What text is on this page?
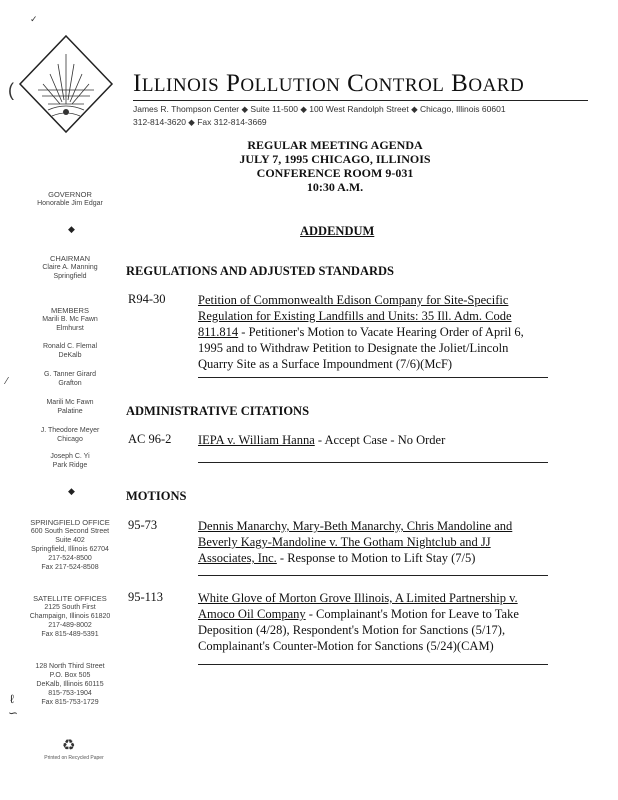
(
✓
ILLINOIS POLLUTION CONTROL BOARD
James R. Thompson Center ◆ Suite 11-500 ◆ 100 West Randolph Street ◆ Chicago, Illinois 60601
312-814-3620 ◆ Fax 312-814-3669
REGULAR MEETING AGENDA
JULY 7, 1995 CHICAGO, ILLINOIS
CONFERENCE ROOM 9-031
10:30 A.M.
GOVERNOR
Honorable Jim Edgar
◆
CHAIRMAN
Claire A. Manning
Springfield
MEMBERS
Marili B. Mc Fawn
Elmhurst
Ronald C. Flemal
DeKalb
G. Tanner Girard
Grafton
Marili Mc Fawn
Palatine
J. Theodore Meyer
Chicago
Joseph C. Yi
Park Ridge
◆
SPRINGFIELD OFFICE
600 South Second Street
Suite 402
Springfield, Illinois 62704
217-524-8500
Fax 217-524-8508
SATELLITE OFFICES
2125 South First
Champaign, Illinois 61820
217-489-8002
Fax 815-489-5391
128 North Third Street
P.O. Box 505
DeKalb, Illinois 60115
815-753-1904
Fax 815-753-1729
♻
Printed on Recycled Paper
⁄
ℓ
∽
ADDENDUM
REGULATIONS AND ADJUSTED STANDARDS
R94-30	Petition of Commonwealth Edison Company for Site-Specific
Regulation for Existing Landfills and Units: 35 Ill. Adm. Code
811.814 - Petitioner's Motion to Vacate Hearing Order of April 6,
1995 and to Withdraw Petition to Designate the Joliet/Lincoln
Quarry Site as a Surface Impoundment (7/6)(McF)
ADMINISTRATIVE CITATIONS
AC 96-2 IEPA v. William Hanna - Accept Case - No Order
MOTIONS
95-73	Dennis Manarchy, Mary-Beth Manarchy, Chris Mandoline and
Beverly Kagy-Mandoline v. The Gotham Nightclub and JJ
Associates, Inc. - Response to Motion to Lift Stay (7/5)
95-113	White Glove of Morton Grove Illinois, A Limited Partnership v.
Amoco Oil Company - Complainant's Motion for Leave to Take
Deposition (4/28), Respondent's Motion for Sanctions (5/17),
Complainant's Counter-Motion for Sanctions (5/24)(CAM)
